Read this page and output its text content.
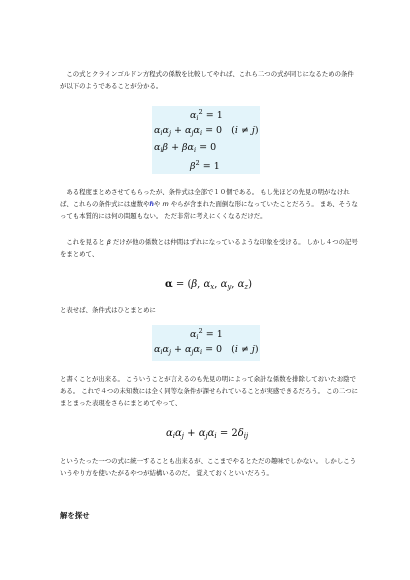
　この式とクラインゴルドン方程式の係数を比較してやれば、これら二つの式が同じになるための条件が以下のようであることが分かる。

$\alpha_i^2 = 1$
$\alpha_i\alpha_j + \alpha_j\alpha_i = 0$   (i ≠ j)
$\alpha_i\beta + \beta\alpha_i = 0$
$\beta^2 = 1$

　ある程度まとめさせてもらったが、条件式は全部で１０個である。 もし先ほどの先見の明がなければ、これらの条件式には虚数やℏや m やらが含まれた面倒な形になっていたことだろう。 まあ、そうなっても本質的には何の問題もない。 ただ非常に考えにくくなるだけだ。

　これを見ると β だけが他の係数とは仲間はずれになっているような印象を受ける。 しかし４つの記号をまとめて、

α = (β, $\alpha_x$, $\alpha_y$, $\alpha_z$)

と表せば、条件式はひとまとめに

$\alpha_i^2 = 1$
$\alpha_i\alpha_j + \alpha_j\alpha_i = 0$   (i ≠ j)

と書くことが出来る。 こういうことが言えるのも先見の明によって余計な係数を排除しておいたお陰である。 これで４つの未知数には全く同等な条件が課せられていることが実感できるだろう。 この二つにまとまった表現をさらにまとめてやって、

$\alpha_i\alpha_j + \alpha_j\alpha_i = 2\delta_{ij}$

というたった一つの式に統一することも出来るが、ここまでやるとただの趣味でしかない。 しかしこういうやり方を使いたがるやつが結構いるのだ。 覚えておくといいだろう。

解を探せ
